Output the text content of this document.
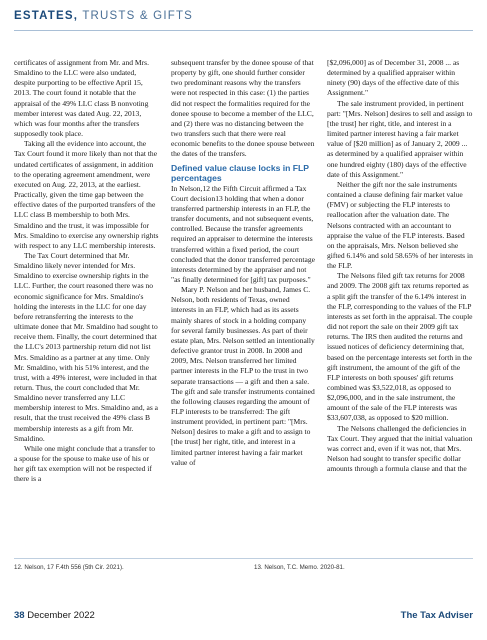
ESTATES, TRUSTS & GIFTS

certificates of assignment from Mr. and Mrs. Smaldino to the LLC were also undated, despite purporting to be effective April 15, 2013. The court found it notable that the appraisal of the 49% LLC class B nonvoting member interest was dated Aug. 22, 2013, which was four months after the transfers supposedly took place.

Taking all the evidence into account, the Tax Court found it more likely than not that the undated certificates of assignment, in addition to the operating agreement amendment, were executed on Aug. 22, 2013, at the earliest. Practically, given the time gap between the effective dates of the purported transfers of the LLC class B membership to both Mrs. Smaldino and the trust, it was impossible for Mrs. Smaldino to exercise any ownership rights with respect to any LLC membership interests.

The Tax Court determined that Mr. Smaldino likely never intended for Mrs. Smaldino to exercise ownership rights in the LLC. Further, the court reasoned there was no economic significance for Mrs. Smaldino's holding the interests in the LLC for one day before retransferring the interests to the ultimate donee that Mr. Smaldino had sought to receive them. Finally, the court determined that the LLC's 2013 partnership return did not list Mrs. Smaldino as a partner at any time. Only Mr. Smaldino, with his 51% interest, and the trust, with a 49% interest, were included in that return. Thus, the court concluded that Mr. Smaldino never transferred any LLC membership interest to Mrs. Smaldino and, as a result, that the trust received the 49% class B membership interests as a gift from Mr. Smaldino.

While one might conclude that a transfer to a spouse for the spouse to make use of his or her gift tax exemption will not be respected if there is a

subsequent transfer by the donee spouse of that property by gift, one should further consider two predominant reasons why the transfers were not respected in this case: (1) the parties did not respect the formalities required for the donee spouse to become a member of the LLC, and (2) there was no distancing between the two transfers such that there were real economic benefits to the donee spouse between the dates of the transfers.

Defined value clause locks in FLP percentages

In Nelson,12 the Fifth Circuit affirmed a Tax Court decision13 holding that when a donor transferred partnership interests in an FLP, the transfer documents, and not subsequent events, controlled. Because the transfer agreements required an appraiser to determine the interests transferred within a fixed period, the court concluded that the donor transferred percentage interests determined by the appraiser and not "as finally determined for [gift] tax purposes."

Mary P. Nelson and her husband, James C. Nelson, both residents of Texas, owned interests in an FLP, which had as its assets mainly shares of stock in a holding company for several family businesses. As part of their estate plan, Mrs. Nelson settled an intentionally defective grantor trust in 2008. In 2008 and 2009, Mrs. Nelson transferred her limited partner interests in the FLP to the trust in two separate transactions — a gift and then a sale. The gift and sale transfer instruments contained the following clauses regarding the amount of FLP interests to be transferred: The gift instrument provided, in pertinent part: "[Mrs. Nelson] desires to make a gift and to assign to [the trust] her right, title, and interest in a limited partner interest having a fair market value of

[$2,096,000] as of December 31, 2008 ... as determined by a qualified appraiser within ninety (90) days of the effective date of this Assignment."

The sale instrument provided, in pertinent part: "[Mrs. Nelson] desires to sell and assign to [the trust] her right, title, and interest in a limited partner interest having a fair market value of [$20 million] as of January 2, 2009 ... as determined by a qualified appraiser within one hundred eighty (180) days of the effective date of this Assignment."

Neither the gift nor the sale instruments contained a clause defining fair market value (FMV) or subjecting the FLP interests to reallocation after the valuation date. The Nelsons contracted with an accountant to appraise the value of the FLP interests. Based on the appraisals, Mrs. Nelson believed she gifted 6.14% and sold 58.65% of her interests in the FLP.

The Nelsons filed gift tax returns for 2008 and 2009. The 2008 gift tax returns reported as a split gift the transfer of the 6.14% interest in the FLP, corresponding to the values of the FLP interests as set forth in the appraisal. The couple did not report the sale on their 2009 gift tax returns. The IRS then audited the returns and issued notices of deficiency determining that, based on the percentage interests set forth in the gift instrument, the amount of the gift of the FLP interests on both spouses' gift returns combined was $3,522,018, as opposed to $2,096,000, and in the sale instrument, the amount of the sale of the FLP interests was $33,607,038, as opposed to $20 million.

The Nelsons challenged the deficiencies in Tax Court. They argued that the initial valuation was correct and, even if it was not, that Mrs. Nelson had sought to transfer specific dollar amounts through a formula clause and that the

12. Nelson, 17 F.4th 556 (5th Cir. 2021).	13. Nelson, T.C. Memo. 2020-81.
38 December 2022	The Tax Adviser
